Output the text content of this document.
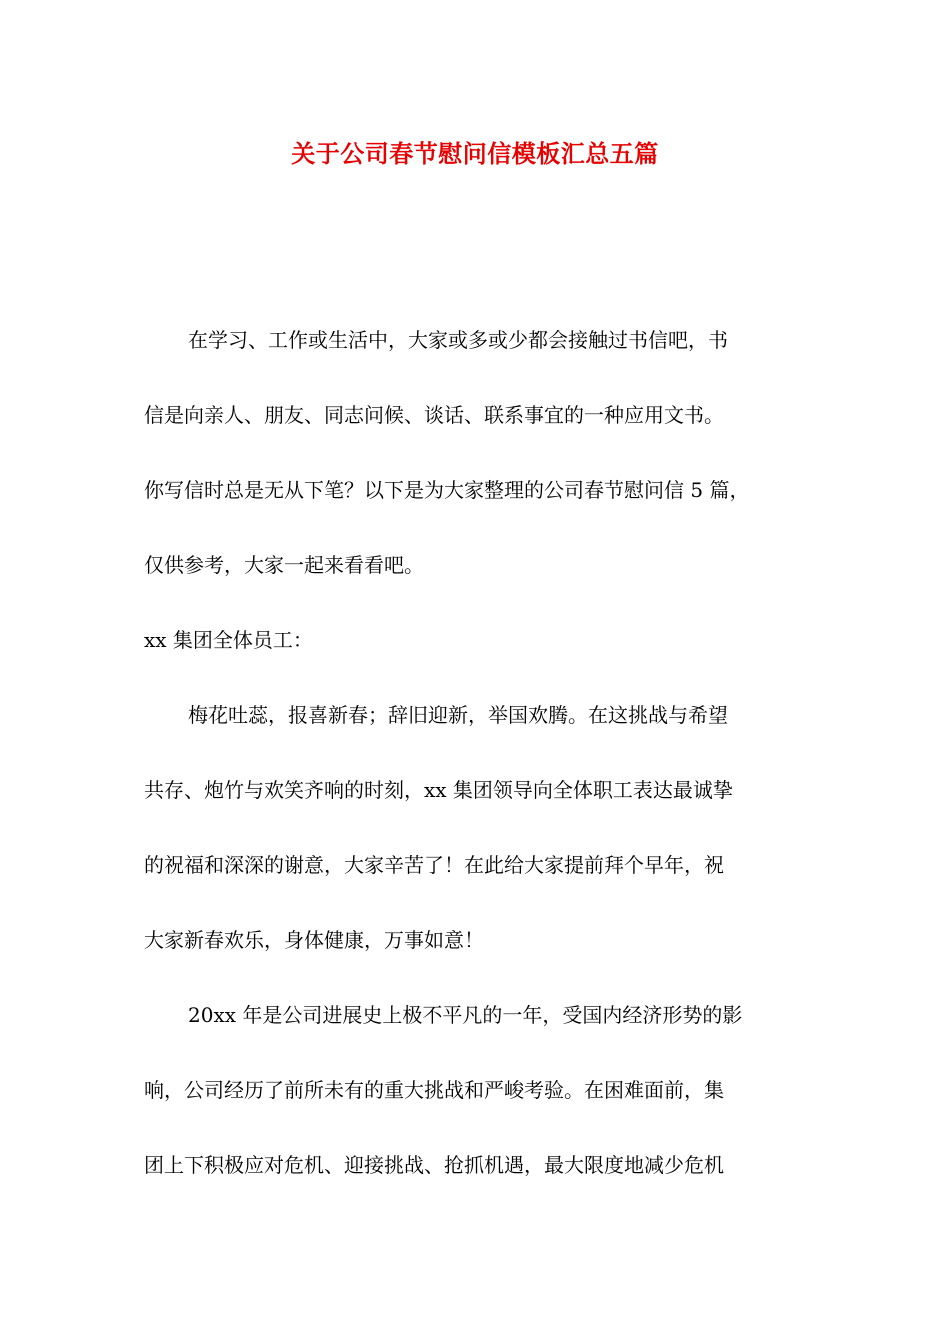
关于公司春节慰问信模板汇总五篇

在学习、工作或生活中，大家或多或少都会接触过书信吧，书

信是向亲人、朋友、同志问候、谈话、联系事宜的一种应用文书。

你写信时总是无从下笔？以下是为大家整理的公司春节慰问信 5 篇，

仅供参考，大家一起来看看吧。

xx 集团全体员工：

梅花吐蕊，报喜新春；辞旧迎新，举国欢腾。在这挑战与希望

共存、炮竹与欢笑齐响的时刻，xx 集团领导向全体职工表达最诚挚

的祝福和深深的谢意，大家辛苦了！在此给大家提前拜个早年，祝

大家新春欢乐，身体健康，万事如意！

20xx 年是公司进展史上极不平凡的一年，受国内经济形势的影

响，公司经历了前所未有的重大挑战和严峻考验。在困难面前，集

团上下积极应对危机、迎接挑战、抢抓机遇，最大限度地减少危机
